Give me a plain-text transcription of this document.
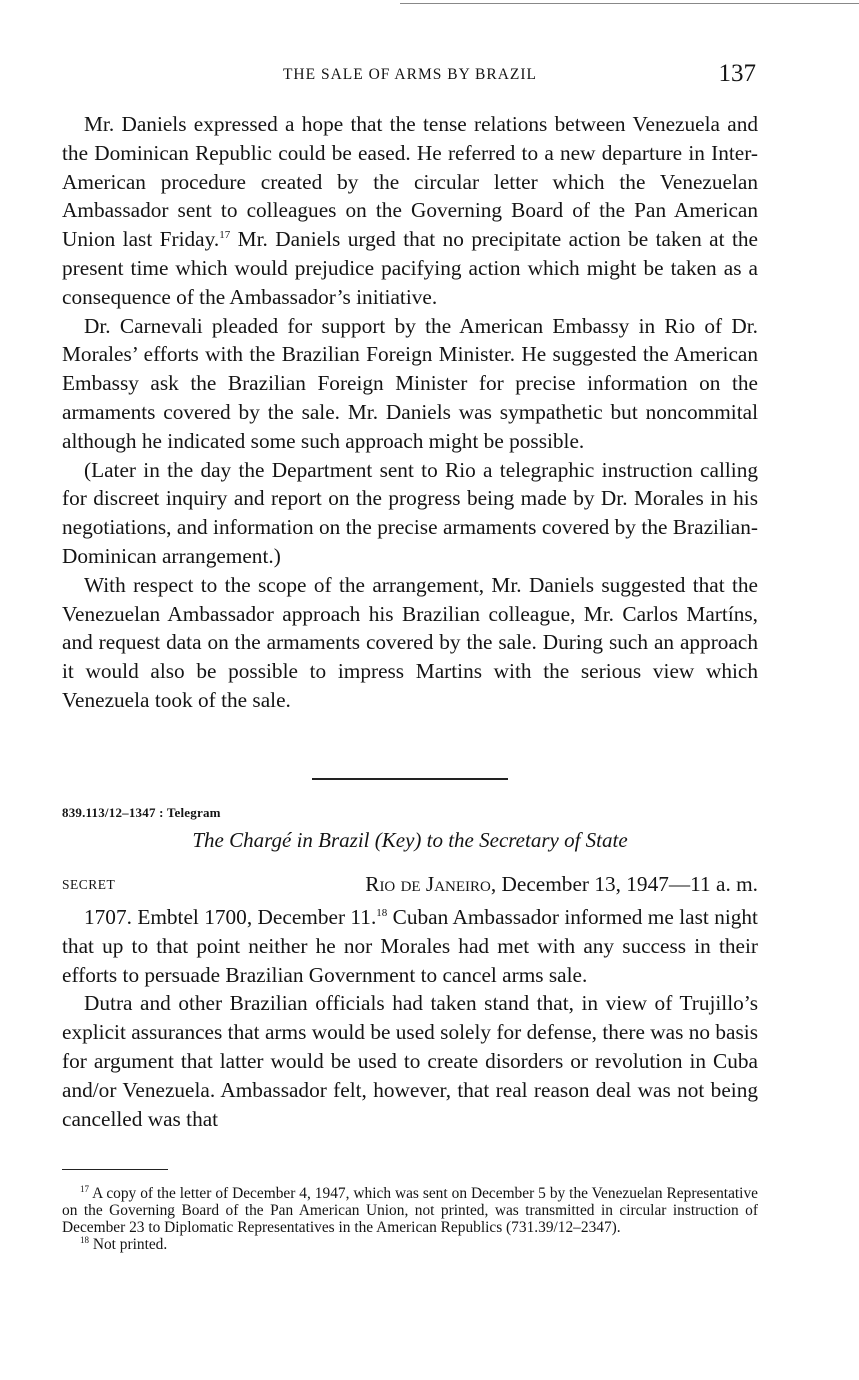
THE SALE OF ARMS BY BRAZIL	137

Mr. Daniels expressed a hope that the tense relations between Venezuela and the Dominican Republic could be eased. He referred to a new departure in Inter-American procedure created by the circular letter which the Venezuelan Ambassador sent to colleagues on the Governing Board of the Pan American Union last Friday.$^{17}$ Mr. Daniels urged that no precipitate action be taken at the present time which would prejudice pacifying action which might be taken as a consequence of the Ambassador’s initiative.

Dr. Carnevali pleaded for support by the American Embassy in Rio of Dr. Morales’ efforts with the Brazilian Foreign Minister. He suggested the American Embassy ask the Brazilian Foreign Minister for precise information on the armaments covered by the sale. Mr. Daniels was sympathetic but noncommital although he indicated some such approach might be possible.

(Later in the day the Department sent to Rio a telegraphic instruction calling for discreet inquiry and report on the progress being made by Dr. Morales in his negotiations, and information on the precise armaments covered by the Brazilian-Dominican arrangement.)

With respect to the scope of the arrangement, Mr. Daniels suggested that the Venezuelan Ambassador approach his Brazilian colleague, Mr. Carlos Martíns, and request data on the armaments covered by the sale. During such an approach it would also be possible to impress Martins with the serious view which Venezuela took of the sale.

839.113/12–1347 : Telegram
The Chargé in Brazil (Key) to the Secretary of State
SECRET	Rio de Janeiro, December 13, 1947—11 a. m.

1707. Embtel 1700, December 11.18 Cuban Ambassador informed me last night that up to that point neither he nor Morales had met with any success in their efforts to persuade Brazilian Government to cancel arms sale.

Dutra and other Brazilian officials had taken stand that, in view of Trujillo’s explicit assurances that arms would be used solely for defense, there was no basis for argument that latter would be used to create disorders or revolution in Cuba and/or Venezuela. Ambassador felt, however, that real reason deal was not being cancelled was that

$^{17}$ A copy of the letter of December 4, 1947, which was sent on December 5 by the Venezuelan Representative on the Governing Board of the Pan American Union, not printed, was transmitted in circular instruction of December 23 to Diplomatic Representatives in the American Republics (731.39/12–2347).

$^{18}$ Not printed.
